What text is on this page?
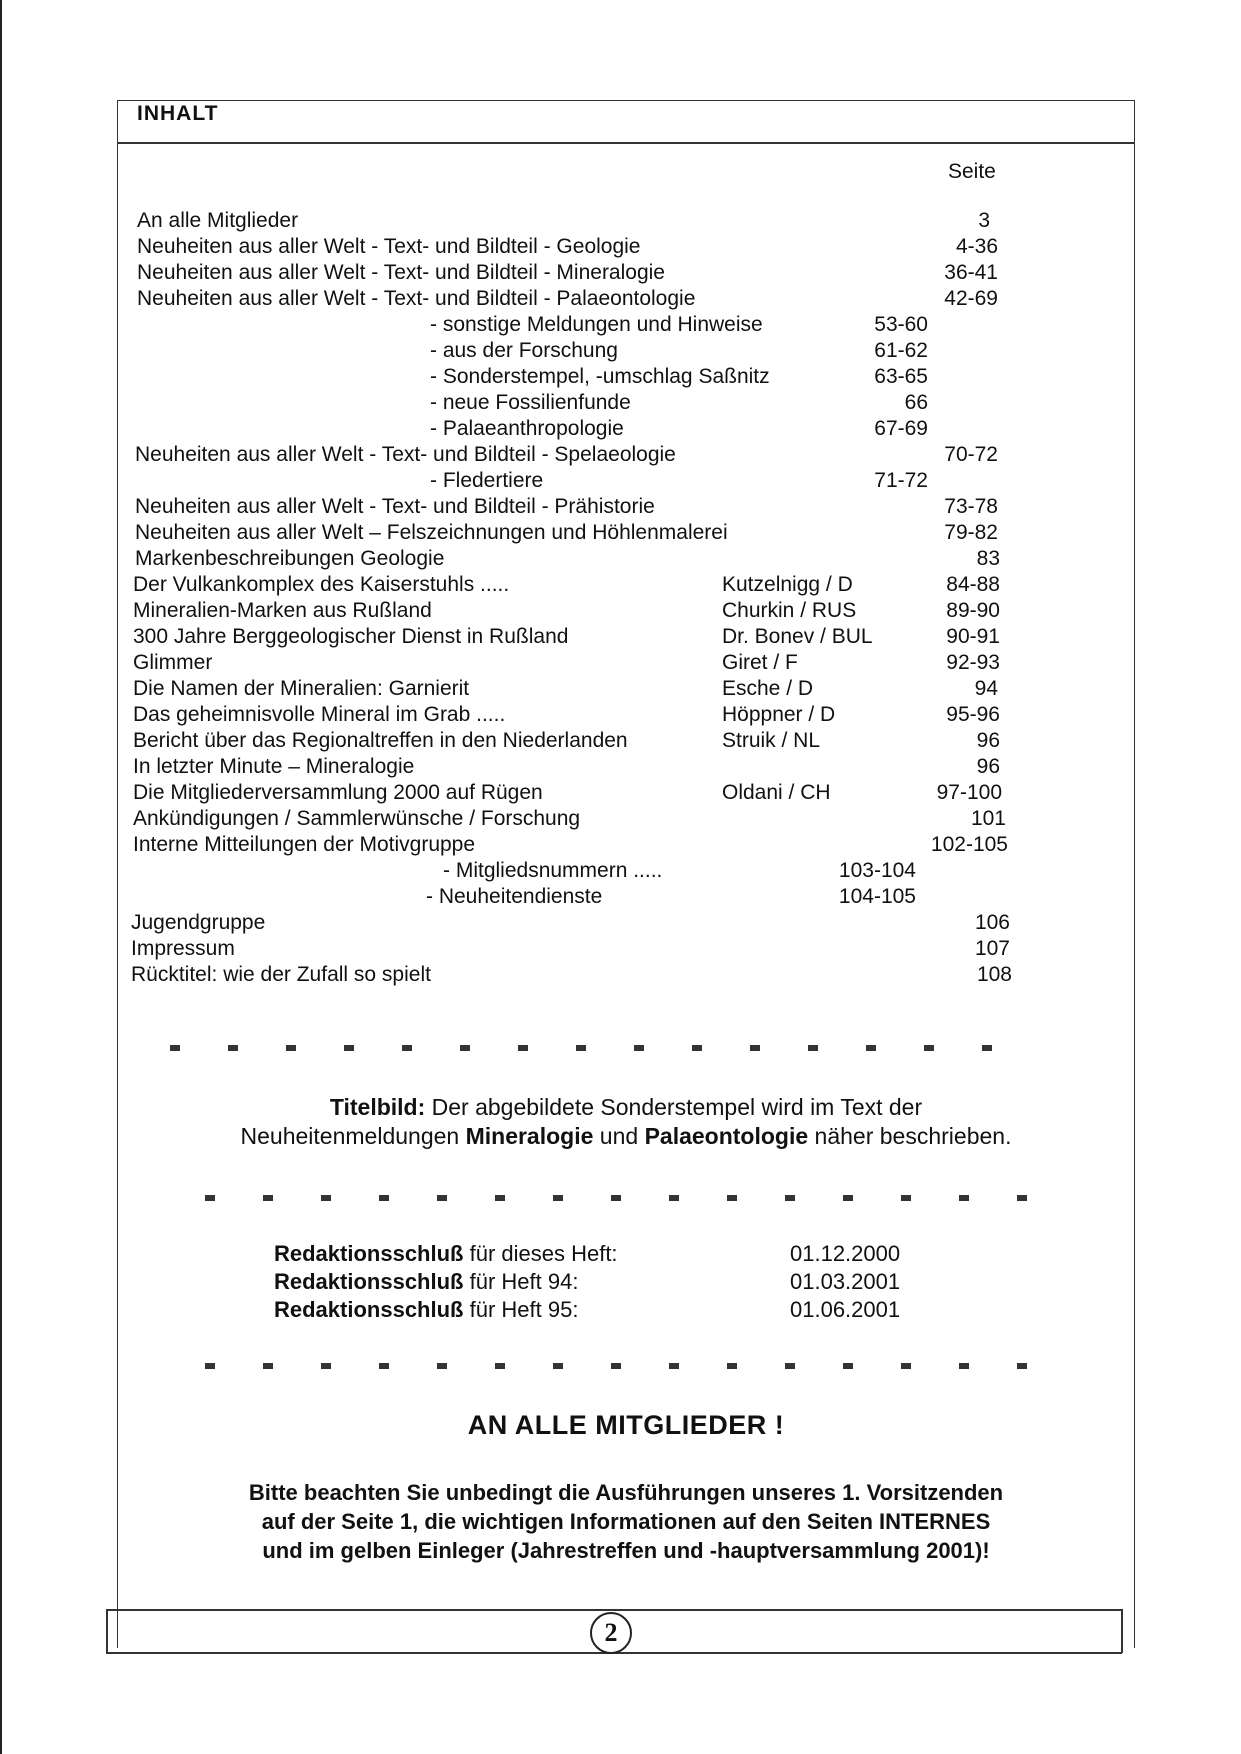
INHALT
Seite
An alle Mitglieder	3
Neuheiten aus aller Welt - Text- und Bildteil - Geologie	4-36
Neuheiten aus aller Welt - Text- und Bildteil - Mineralogie	36-41
Neuheiten aus aller Welt - Text- und Bildteil - Palaeontologie	42-69
- sonstige Meldungen und Hinweise	53-60
- aus der Forschung	61-62
- Sonderstempel, -umschlag Saßnitz	63-65
- neue Fossilienfunde	66
- Palaeanthropologie	67-69
Neuheiten aus aller Welt - Text- und Bildteil - Spelaeologie	70-72
- Fledertiere	71-72
Neuheiten aus aller Welt - Text- und Bildteil - Prähistorie	73-78
Neuheiten aus aller Welt – Felszeichnungen und Höhlenmalerei	79-82
Markenbeschreibungen Geologie	83
Der Vulkankomplex des Kaiserstuhls .....	Kutzelnigg / D	84-88
Mineralien-Marken aus Rußland	Churkin / RUS	89-90
300 Jahre Berggeologischer Dienst in Rußland	Dr. Bonev / BUL	90-91
Glimmer	Giret / F	92-93
Die Namen der Mineralien: Garnierit	Esche / D	94
Das geheimnisvolle Mineral im Grab .....	Höppner / D	95-96
Bericht über das Regionaltreffen in den Niederlanden	Struik / NL	96
In letzter Minute – Mineralogie	96
Die Mitgliederversammlung 2000 auf Rügen	Oldani / CH	97-100
Ankündigungen / Sammlerwünsche / Forschung	101
Interne Mitteilungen der Motivgruppe	102-105
- Mitgliedsnummern .....	103-104
- Neuheitendienste	104-105
Jugendgruppe	106
Impressum	107
Rücktitel: wie der Zufall so spielt	108
Titelbild: Der abgebildete Sonderstempel wird im Text der
Neuheitenmeldungen Mineralogie und Palaeontologie näher beschrieben.
Redaktionsschluß für dieses Heft:	01.12.2000
Redaktionsschluß für Heft 94:	01.03.2001
Redaktionsschluß für Heft 95:	01.06.2001
AN ALLE MITGLIEDER !
Bitte beachten Sie unbedingt die Ausführungen unseres 1. Vorsitzenden
auf der Seite 1, die wichtigen Informationen auf den Seiten INTERNES
und im gelben Einleger (Jahrestreffen und -hauptversammlung 2001)!
2
